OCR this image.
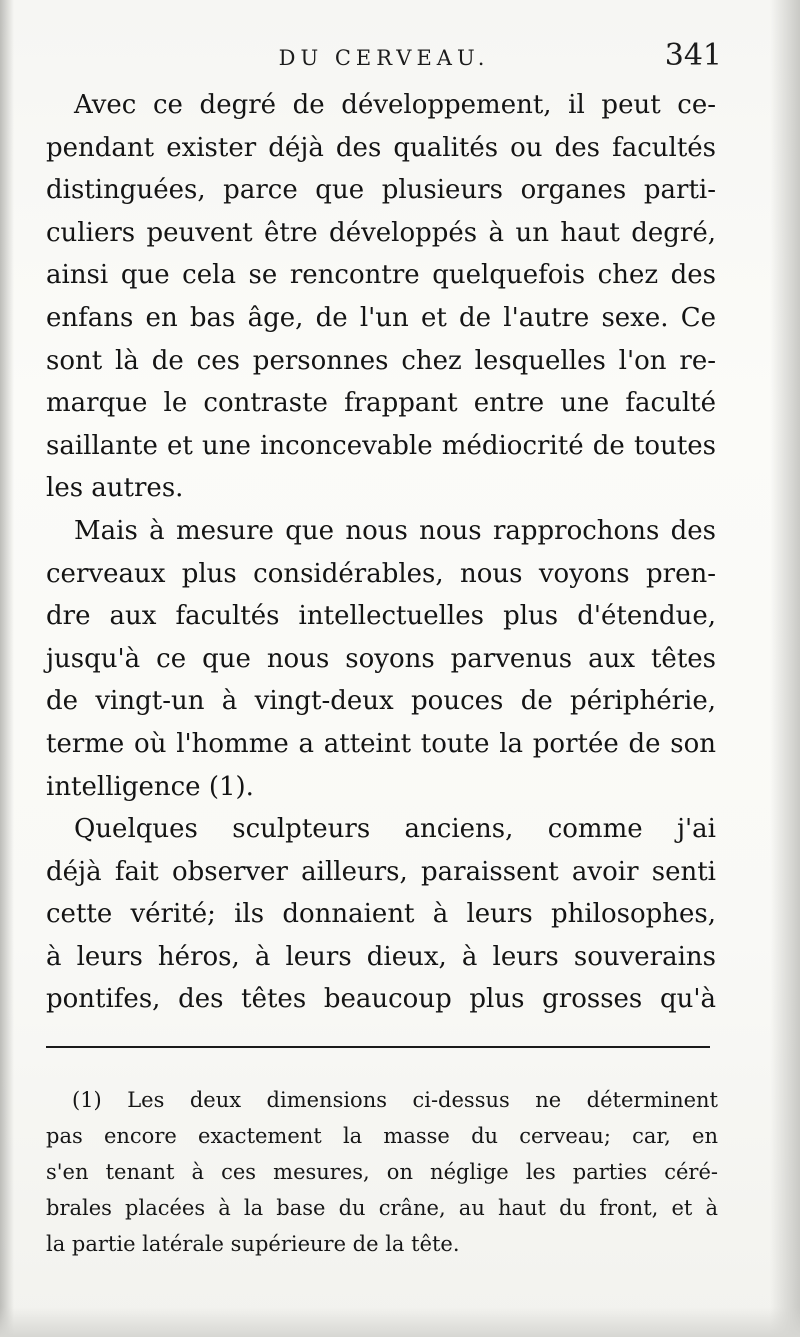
DU CERVEAU.	341
Avec ce degré de développement, il peut ce-
pendant exister déjà des qualités ou des facultés
distinguées, parce que plusieurs organes parti-
culiers peuvent être développés à un haut degré,
ainsi que cela se rencontre quelquefois chez des
enfans en bas âge, de l'un et de l'autre sexe. Ce
sont là de ces personnes chez lesquelles l'on re-
marque le contraste frappant entre une faculté
saillante et une inconcevable médiocrité de toutes
les autres.
Mais à mesure que nous nous rapprochons des
cerveaux plus considérables, nous voyons pren-
dre aux facultés intellectuelles plus d'étendue,
jusqu'à ce que nous soyons parvenus aux têtes
de vingt-un à vingt-deux pouces de périphérie,
terme où l'homme a atteint toute la portée de son
intelligence (1).
Quelques sculpteurs anciens, comme j'ai
déjà fait observer ailleurs, paraissent avoir senti
cette vérité; ils donnaient à leurs philosophes,
à leurs héros, à leurs dieux, à leurs souverains
pontifes, des têtes beaucoup plus grosses qu'à
(1) Les deux dimensions ci-dessus ne déterminent
pas encore exactement la masse du cerveau; car, en
s'en tenant à ces mesures, on néglige les parties céré-
brales placées à la base du crâne, au haut du front, et à
la partie latérale supérieure de la tête.
